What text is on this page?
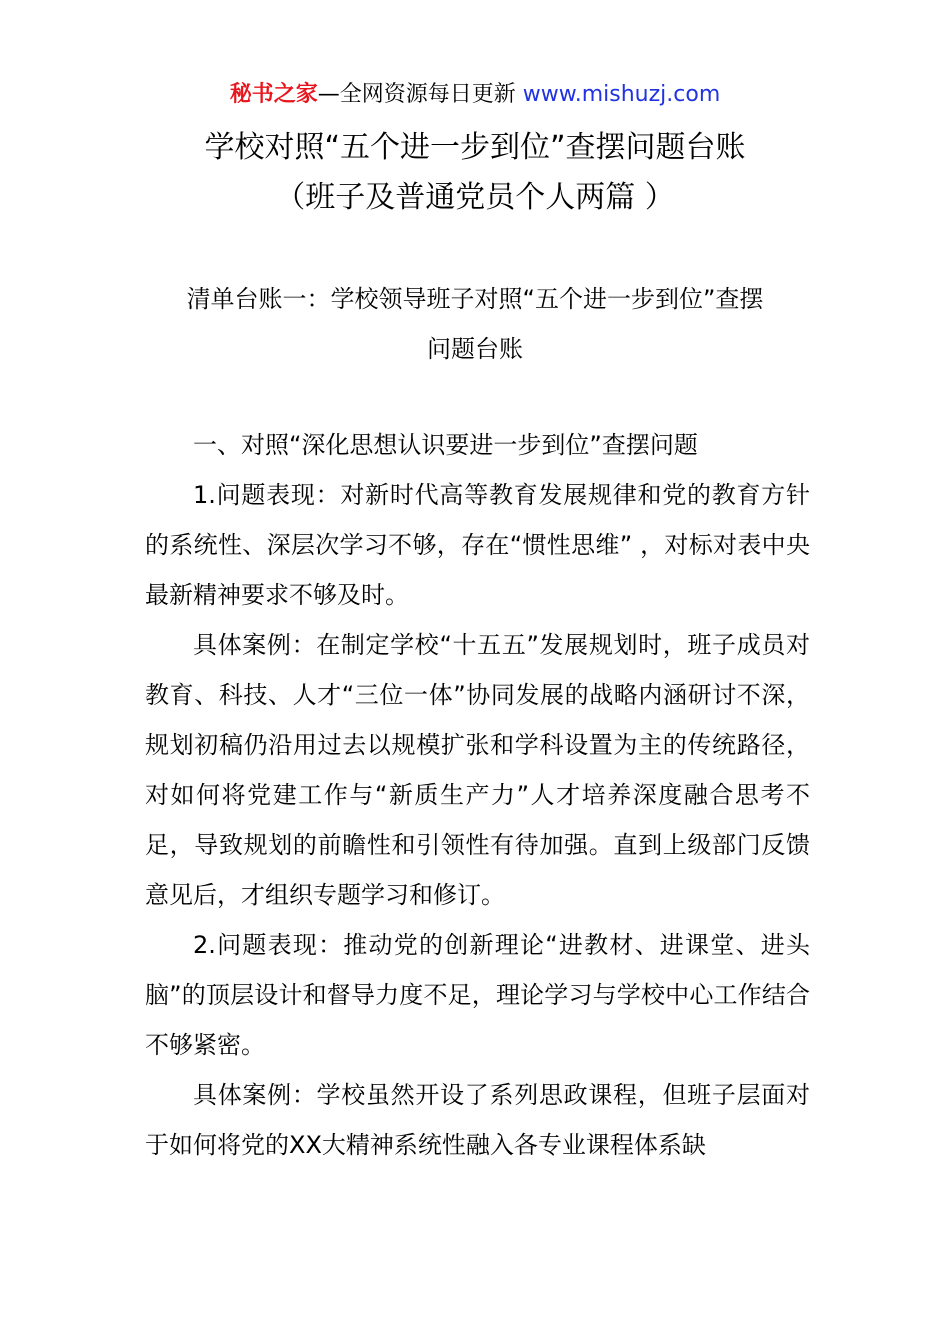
秘书之家—全网资源每日更新 www.mishuzj.com
学校对照“五个进一步到位”查摆问题台账
（班子及普通党员个人两篇 ）
清单台账一：学校领导班子对照“五个进一步到位”查摆
问题台账

一、对照“深化思想认识要进一步到位”查摆问题

1.问题表现：对新时代高等教育发展规律和党的教育方针的系统性、深层次学习不够，存在“惯性思维” ，对标对表中央最新精神要求不够及时。

具体案例：在制定学校“十五五”发展规划时，班子成员对教育、科技、人才“三位一体”协同发展的战略内涵研讨不深，规划初稿仍沿用过去以规模扩张和学科设置为主的传统路径，对如何将党建工作与“新质生产力”人才培养深度融合思考不足，导致规划的前瞻性和引领性有待加强。直到上级部门反馈意见后，才组织专题学习和修订。

2.问题表现：推动党的创新理论“进教材、进课堂、进头脑”的顶层设计和督导力度不足，理论学习与学校中心工作结合不够紧密。

具体案例：学校虽然开设了系列思政课程，但班子层面对于如何将党的XX大精神系统性融入各专业课程体系缺
